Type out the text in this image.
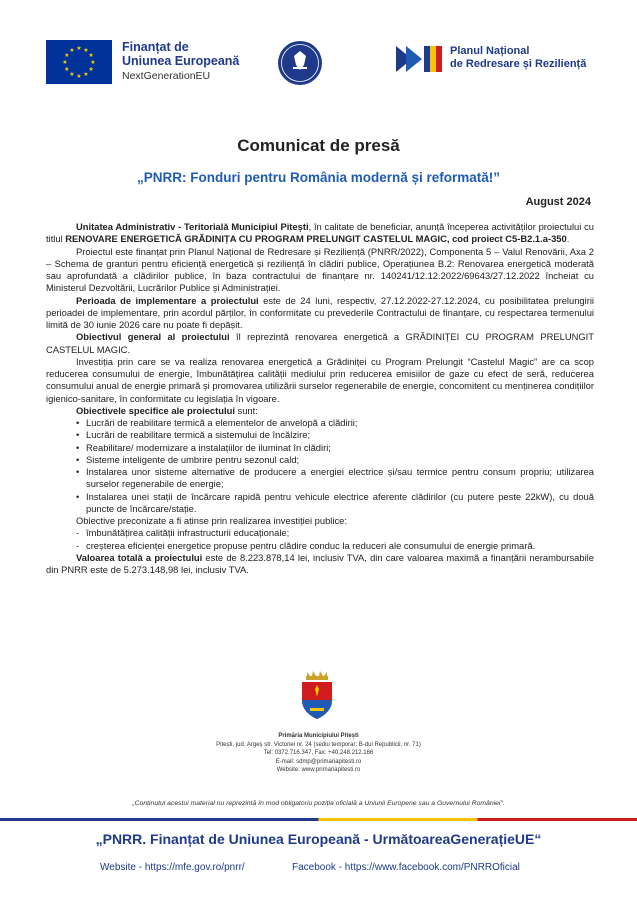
★ ★
★
★
★
★
★
★
★
★
★
★	Finanțat de
Uniunea Europeană
NextGenerationEU
Planul Național
de Redresare și Reziliență
Comunicat de presă
„PNRR: Fonduri pentru România modernă și reformată!”
August 2024

Unitatea Administrativ - Teritorială Municipiul Pitești, în calitate de beneficiar, anunță începerea activităților proiectului cu titlul RENOVARE ENERGETICĂ GRĂDINIȚA CU PROGRAM PRELUNGIT CASTELUL MAGIC, cod proiect C5-B2.1.a-350.

Proiectul este finanțat prin Planul Național de Redresare și Reziliență (PNRR/2022), Componenta 5 – Valul Renovării, Axa 2 – Schema de granturi pentru eficiență energetică și reziliență în clădiri publice, Operațiunea B.2: Renovarea energetică moderată sau aprofundată a clădirilor publice, în baza contractului de finanțare nr. 140241/12.12.2022/69643/27.12.2022 încheiat cu Ministerul Dezvoltării, Lucrărilor Publice și Administrației.

Perioada de implementare a proiectului este de 24 luni, respectiv, 27.12.2022-27.12.2024, cu posibilitatea prelungirii perioadei de implementare, prin acordul părților, în conformitate cu prevederile Contractului de finanțare, cu respectarea termenului limită de 30 iunie 2026 care nu poate fi depășit.

Obiectivul general al proiectului îl reprezintă renovarea energetică a GRĂDINIȚEI CU PROGRAM PRELUNGIT CASTELUL MAGIC.

Investiția prin care se va realiza renovarea energetică a Grădiniței cu Program Prelungit “Castelul Magic” are ca scop reducerea consumului de energie, îmbunătățirea calității mediului prin reducerea emisiilor de gaze cu efect de seră, reducerea consumului anual de energie primară și promovarea utilizării surselor regenerabile de energie, concomitent cu menținerea condițiilor igienico-sanitare, în conformitate cu legislația în vigoare.

Obiectivele specifice ale proiectului sunt:

• Lucrări de reabilitare termică a elementelor de anvelopă a clădirii;
• Lucrări de reabilitare termică a sistemului de încălzire;
• Reabilitare/ modernizare a instalațiilor de iluminat în clădiri;
• Sisteme inteligente de umbrire pentru sezonul cald;
• Instalarea unor sisteme alternative de producere a energiei electrice și/sau termice pentru consum propriu; utilizarea surselor regenerabile de energie;
• Instalarea unei stații de încărcare rapidă pentru vehicule electrice aferente clădirilor (cu putere peste 22kW), cu două puncte de încărcare/stație.

Obiective preconizate a fi atinse prin realizarea investiției publice:

- îmbunătățirea calității infrastructurii educaționale;
- creșterea eficienței energetice propuse pentru clădire conduc la reduceri ale consumului de energie primară.

Valoarea totală a proiectului este de 8.223.878,14 lei, inclusiv TVA, din care valoarea maximă a finanțării nerambursabile din PNRR este de 5.273.148,98 lei, inclusiv TVA.

Primăria Municipiului Pitești
Pitești, jud. Argeș str. Victoriei nr. 24 (sediu temporar: B-dul Republicii, nr. 71)
Tel: 0372.716.347, Fax: +40.248.212.166
E-mail: sdmp@primariapitesti.ro
Website: www.primariapitesti.ro
„Conținutul acestui material nu reprezintă în mod obligatoriu poziția oficială a Uniunii Europene sau a Guvernului României”.
„PNRR. Finanțat de Uniunea Europeană - UrmătoareaGenerațieUE“
Website - https://mfe.gov.ro/pnrr/	Facebook - https://www.facebook.com/PNRROficial
